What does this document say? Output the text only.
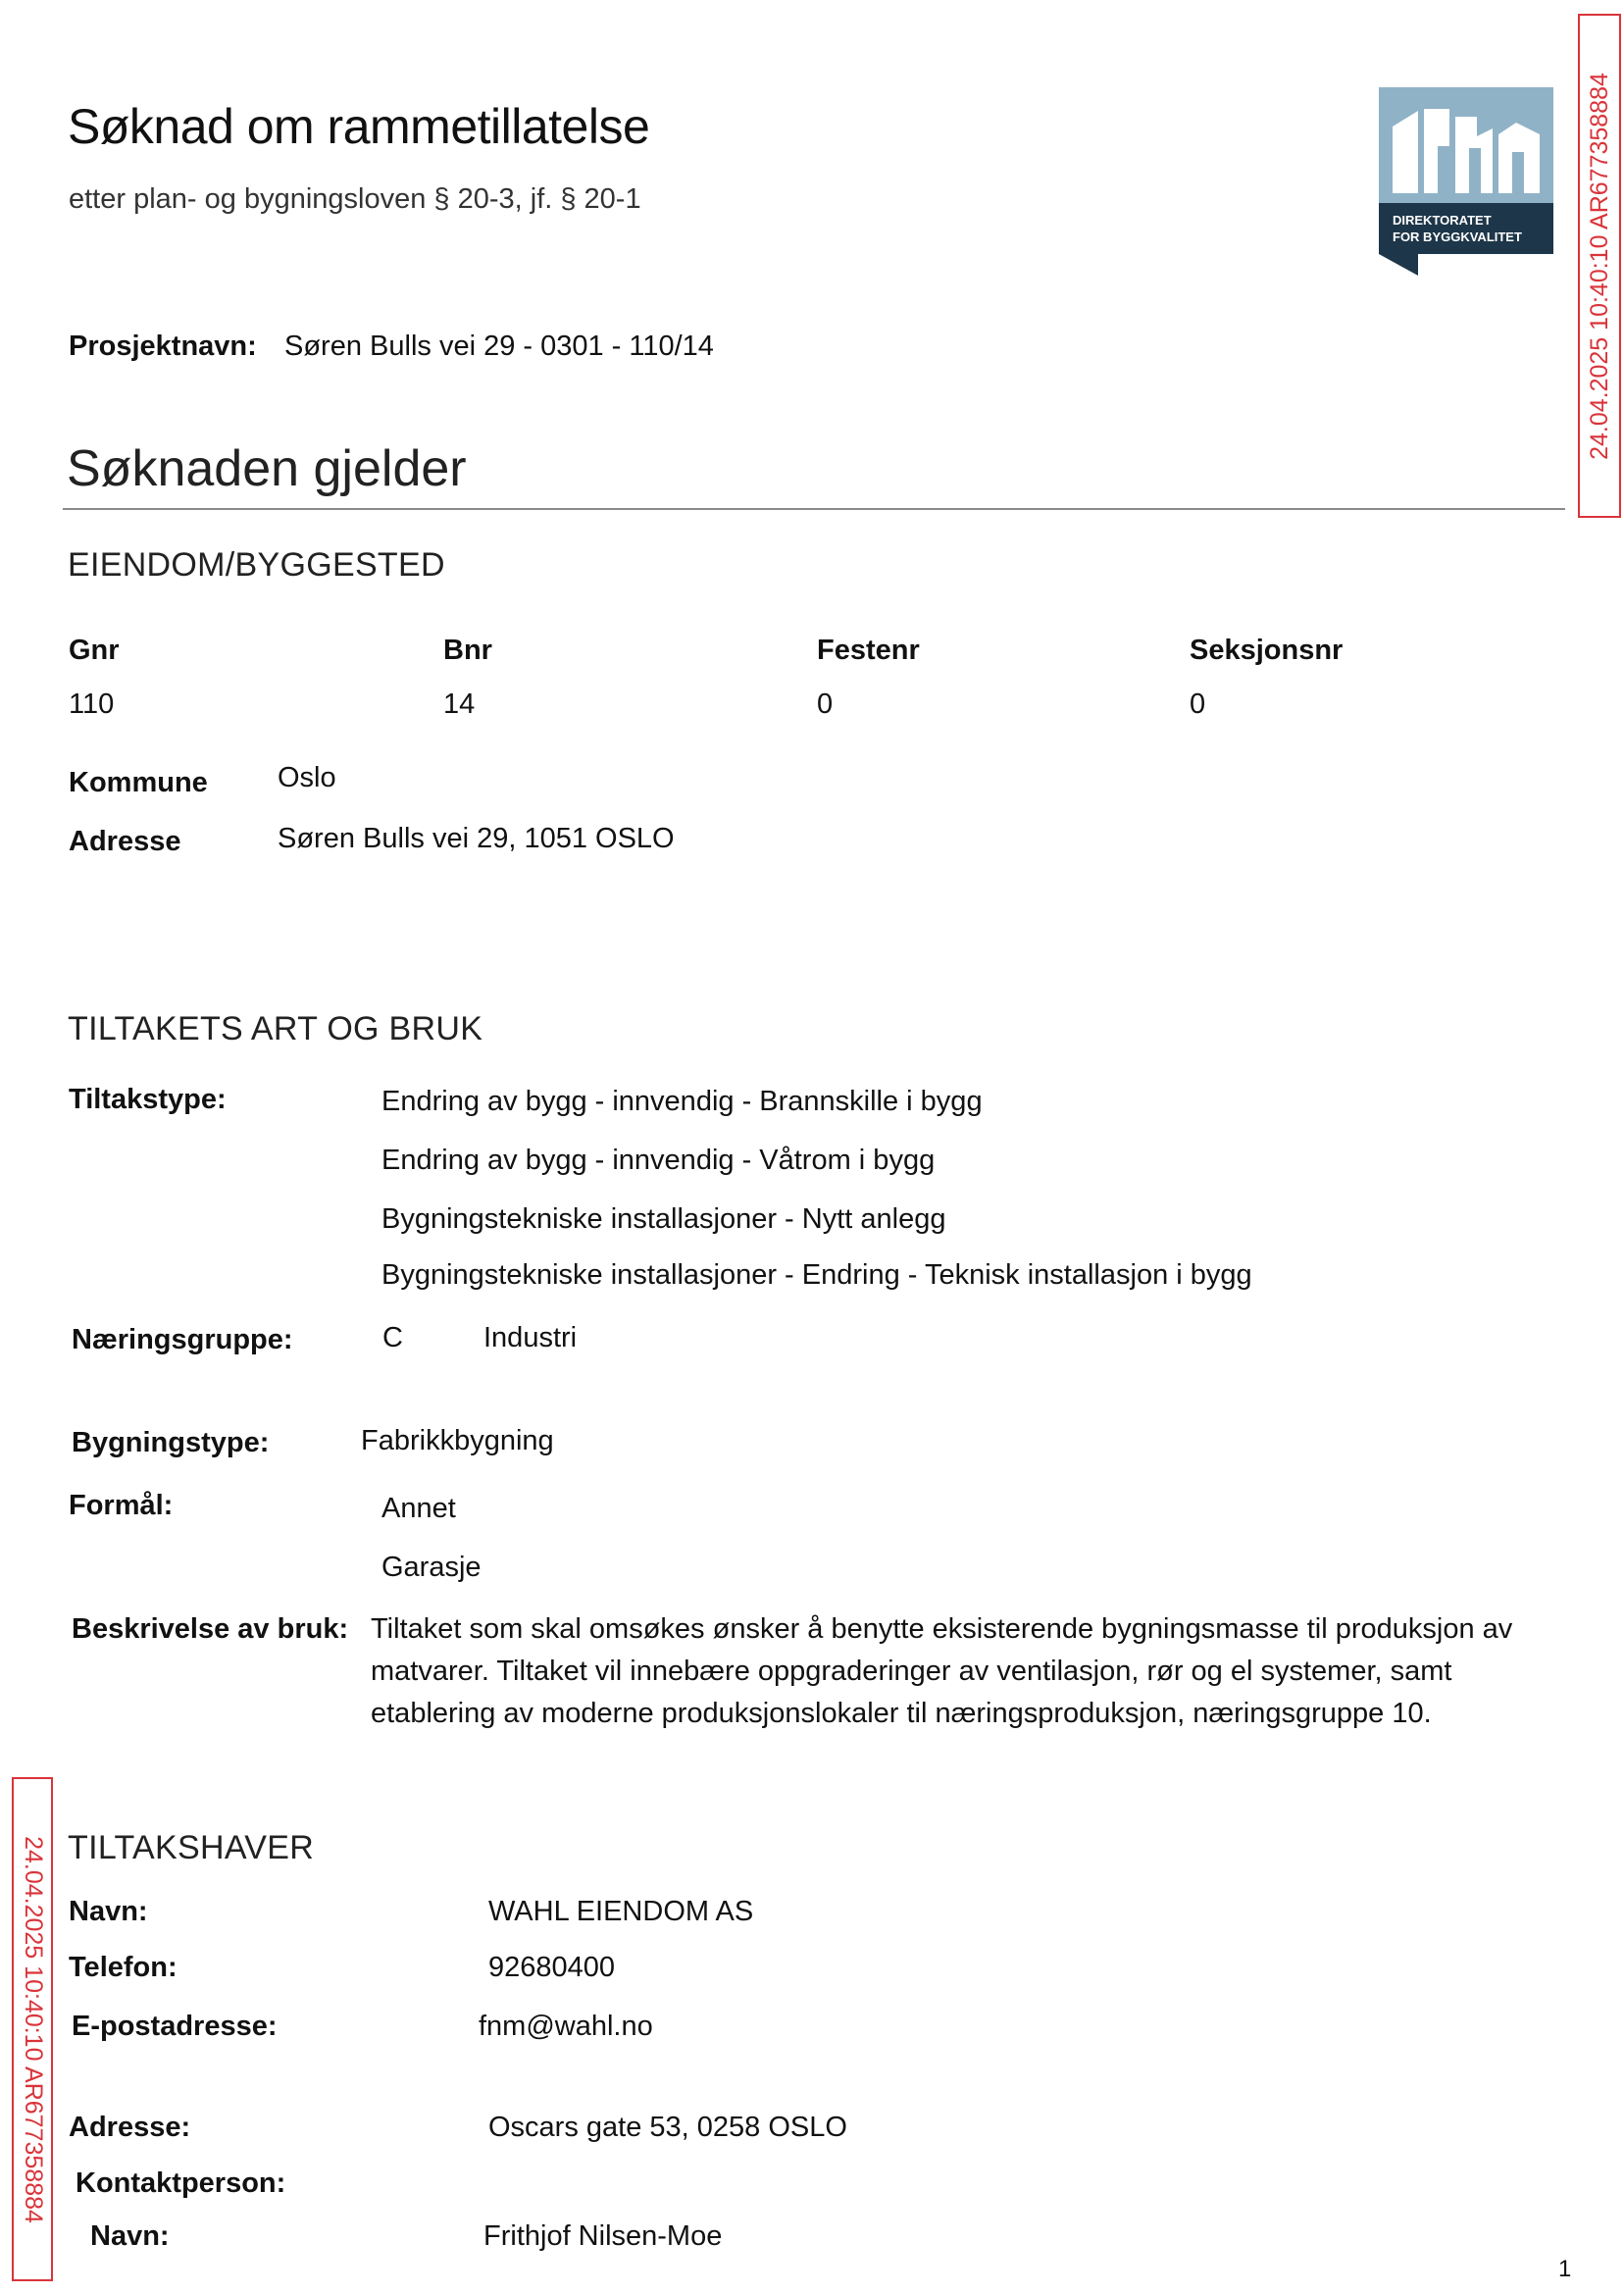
Søknad om rammetillatelse
etter plan- og bygningsloven § 20-3, jf. § 20-1
DIREKTORATET
FOR BYGGKVALITET	24.04.2025 10:40:10 AR677358884
24.04.2025 10:40:10 AR677358884
Prosjektnavn: Søren Bulls vei 29 - 0301 - 110/14
Søknaden gjelder
EIENDOM/BYGGESTED
Gnr	Bnr	Festenr	Seksjonsnr
110	14	0	0
Kommune Oslo
Adresse	Søren Bulls vei 29, 1051 OSLO
TILTAKETS ART OG BRUK
Tiltakstype:	Endring av bygg - innvendig - Brannskille i bygg
Endring av bygg - innvendig - Våtrom i bygg
Bygningstekniske installasjoner - Nytt anlegg
Bygningstekniske installasjoner - Endring - Teknisk installasjon i bygg
Næringsgruppe:	C	Industri
Bygningstype:	Fabrikkbygning
Formål:	Annet
Garasje
Beskrivelse av bruk: Tiltaket som skal omsøkes ønsker å benytte eksisterende bygningsmasse til produksjon av matvarer. Tiltaket vil innebære oppgraderinger av ventilasjon, rør og el systemer, samt etablering av moderne produksjonslokaler til næringsproduksjon, næringsgruppe 10.
TILTAKSHAVER
Navn:	WAHL EIENDOM AS
Telefon:	92680400
E-postadresse:	fnm@wahl.no
Adresse:	Oscars gate 53, 0258 OSLO
Kontaktperson:
Navn:	Frithjof Nilsen-Moe
1
